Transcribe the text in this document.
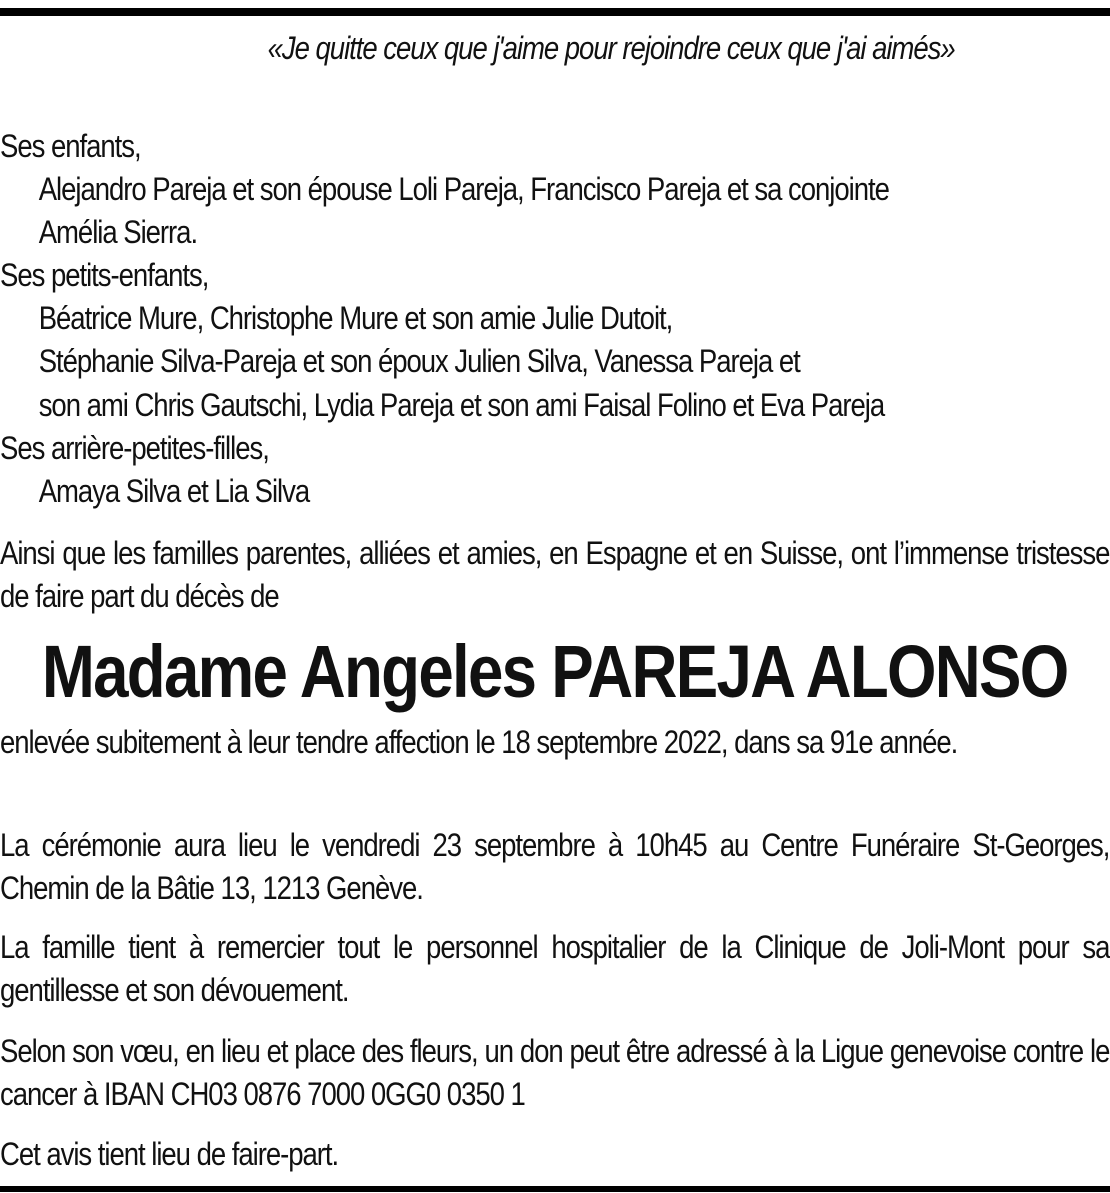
«Je quitte ceux que j'aime pour rejoindre ceux que j'ai aimés»
Ses enfants,
Alejandro Pareja et son épouse Loli Pareja, Francisco Pareja et sa conjointe
Amélia Sierra.
Ses petits-enfants,
Béatrice Mure, Christophe Mure et son amie Julie Dutoit,
Stéphanie Silva-Pareja et son époux Julien Silva, Vanessa Pareja et
son ami Chris Gautschi, Lydia Pareja et son ami Faisal Folino et Eva Pareja
Ses arrière-petites-filles,
Amaya Silva et Lia Silva
Ainsi que les familles parentes, alliées et amies, en Espagne et en Suisse, ont l’immense tristesse de faire part du décès de
Madame Angeles PAREJA ALONSO
enlevée subitement à leur tendre affection le 18 septembre 2022, dans sa 91e année.
La cérémonie aura lieu le vendredi 23 septembre à 10h45 au Centre Funéraire St-Georges, Chemin de la Bâtie 13, 1213 Genève.
La famille tient à remercier tout le personnel hospitalier de la Clinique de Joli-Mont pour sa gentillesse et son dévouement.
Selon son vœu, en lieu et place des fleurs, un don peut être adressé à la Ligue genevoise contre le cancer à IBAN CH03 0876 7000 0GG0 0350 1
Cet avis tient lieu de faire-part.
